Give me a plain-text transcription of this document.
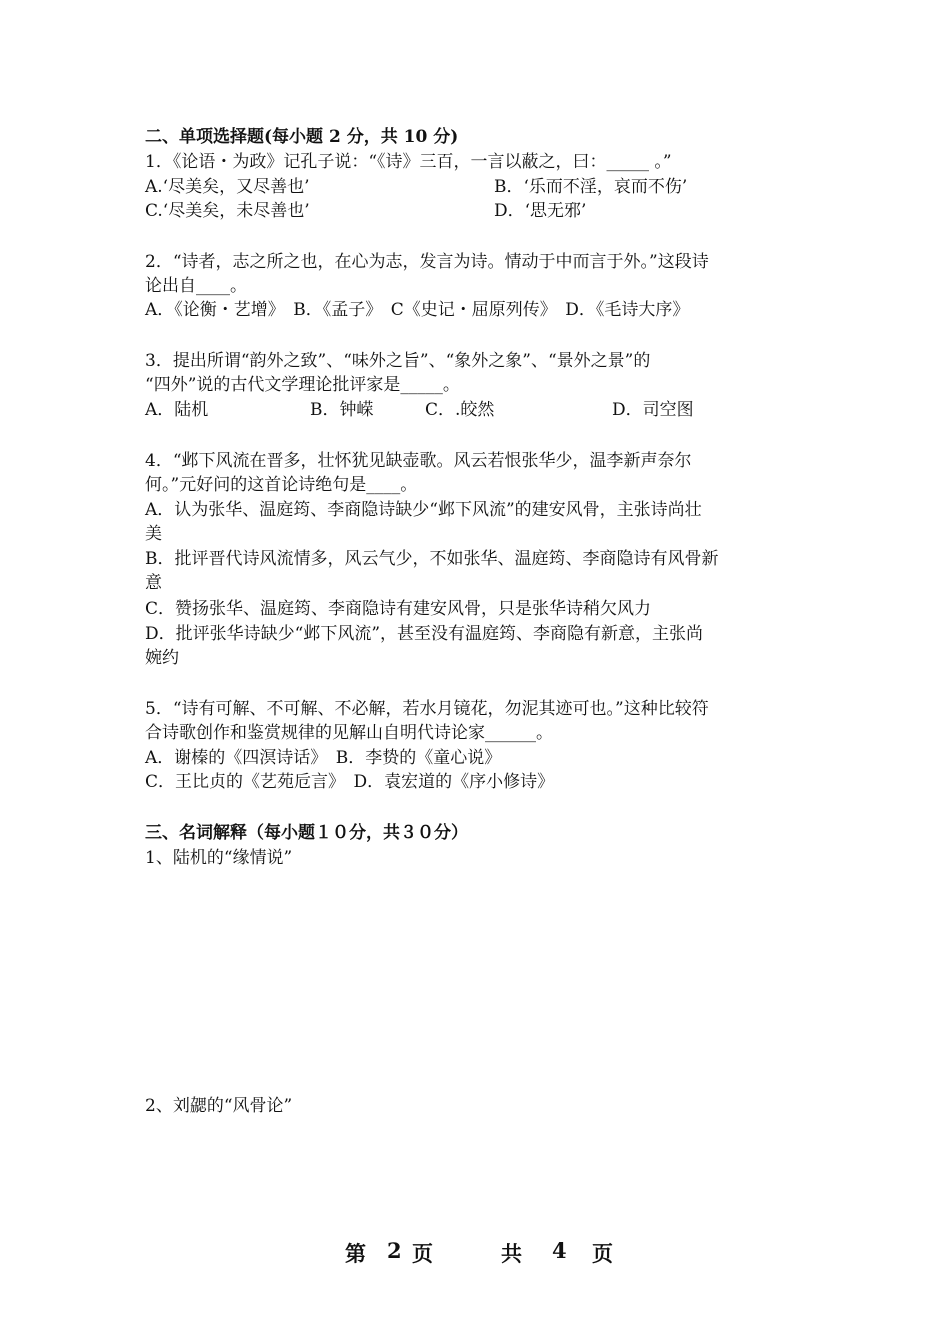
二、单项选择题(每小题 2 分，共 10 分)
1．《论语・为政》记孔子说：“《诗》三百，一言以蔽之，曰：_____ 。”
A.‘尽美矣，又尽善也’	B．‘乐而不淫，哀而不伤’
C.‘尽美矣，未尽善也’	D．‘思无邪’
2．“诗者，志之所之也，在心为志，发言为诗。情动于中而言于外。”这段诗
论出自____。
A．《论衡・艺增》　B．《孟子》　C《史记・屈原列传》　D．《毛诗大序》
3．提出所谓“韵外之致”、“味外之旨”、“象外之象”、“景外之景”的
“四外”说的古代文学理论批评家是_____。
A．陆机	B．钟嵘	C．.皎然	D．司空图
4．“邺下风流在晋多，壮怀犹见缺壶歌。风云若恨张华少，温李新声奈尔
何。”元好问的这首论诗绝句是____。
A．认为张华、温庭筠、李商隐诗缺少“邺下风流”的建安风骨，主张诗尚壮
美
B．批评晋代诗风流情多，风云气少，不如张华、温庭筠、李商隐诗有风骨新
意
C．赞扬张华、温庭筠、李商隐诗有建安风骨，只是张华诗稍欠风力
D．批评张华诗缺少“邺下风流”，甚至没有温庭筠、李商隐有新意，主张尚
婉约
5．“诗有可解、不可解、不必解，若水月镜花，勿泥其迹可也。”这种比较符
合诗歌创作和鉴赏规律的见解山自明代诗论家______。
A．谢榛的《四溟诗话》　B．李贽的《童心说》
C．王比贞的《艺苑卮言》　D．袁宏道的《序小修诗》
三、名词解释（每小题１０分，共３０分）
1、陆机的“缘情说”
2、刘勰的“风骨论”
第 2 页	共 4 页
